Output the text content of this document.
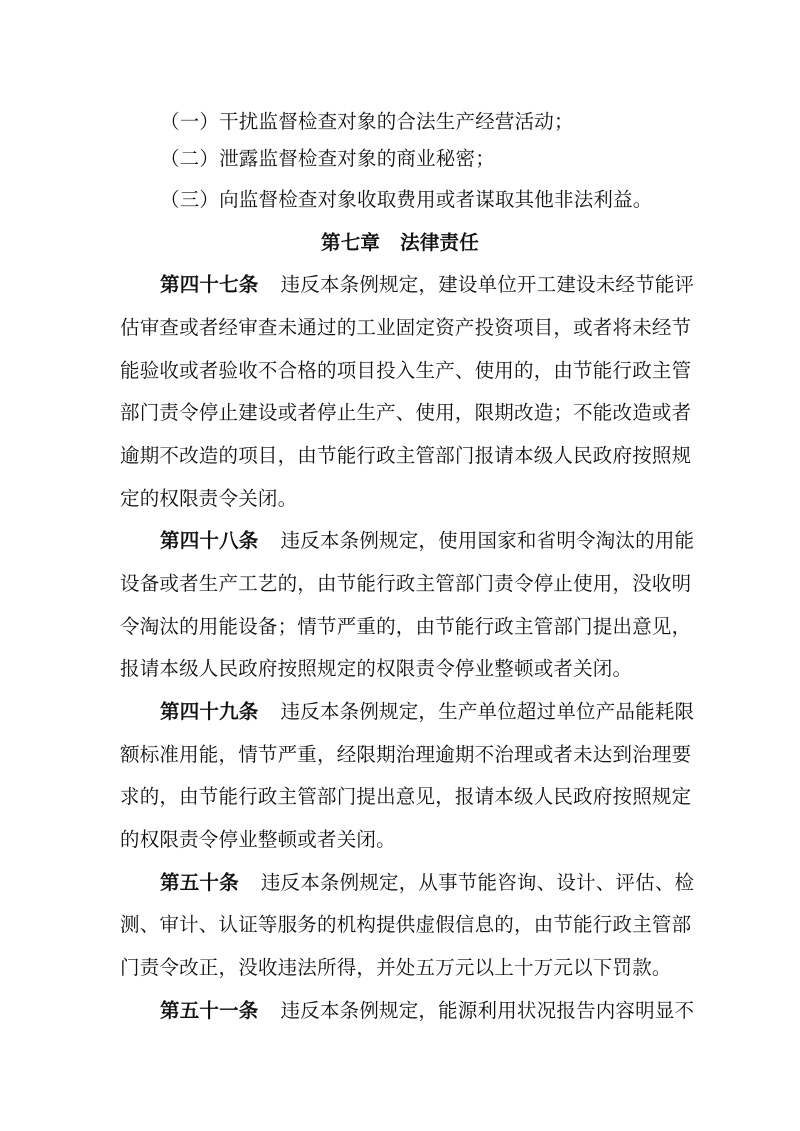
（一）干扰监督检查对象的合法生产经营活动；
（二）泄露监督检查对象的商业秘密；
（三）向监督检查对象收取费用或者谋取其他非法利益。
第七章 法律责任
第四十七条 违反本条例规定，建设单位开工建设未经节能评
估审查或者经审查未通过的工业固定资产投资项目，或者将未经节
能验收或者验收不合格的项目投入生产、使用的，由节能行政主管
部门责令停止建设或者停止生产、使用，限期改造；不能改造或者
逾期不改造的项目，由节能行政主管部门报请本级人民政府按照规
定的权限责令关闭。
第四十八条 违反本条例规定，使用国家和省明令淘汰的用能
设备或者生产工艺的，由节能行政主管部门责令停止使用，没收明
令淘汰的用能设备；情节严重的，由节能行政主管部门提出意见，
报请本级人民政府按照规定的权限责令停业整顿或者关闭。
第四十九条 违反本条例规定，生产单位超过单位产品能耗限
额标准用能，情节严重，经限期治理逾期不治理或者未达到治理要
求的，由节能行政主管部门提出意见，报请本级人民政府按照规定
的权限责令停业整顿或者关闭。
第五十条 违反本条例规定，从事节能咨询、设计、评估、检
测、审计、认证等服务的机构提供虚假信息的，由节能行政主管部
门责令改正，没收违法所得，并处五万元以上十万元以下罚款。
第五十一条 违反本条例规定，能源利用状况报告内容明显不
